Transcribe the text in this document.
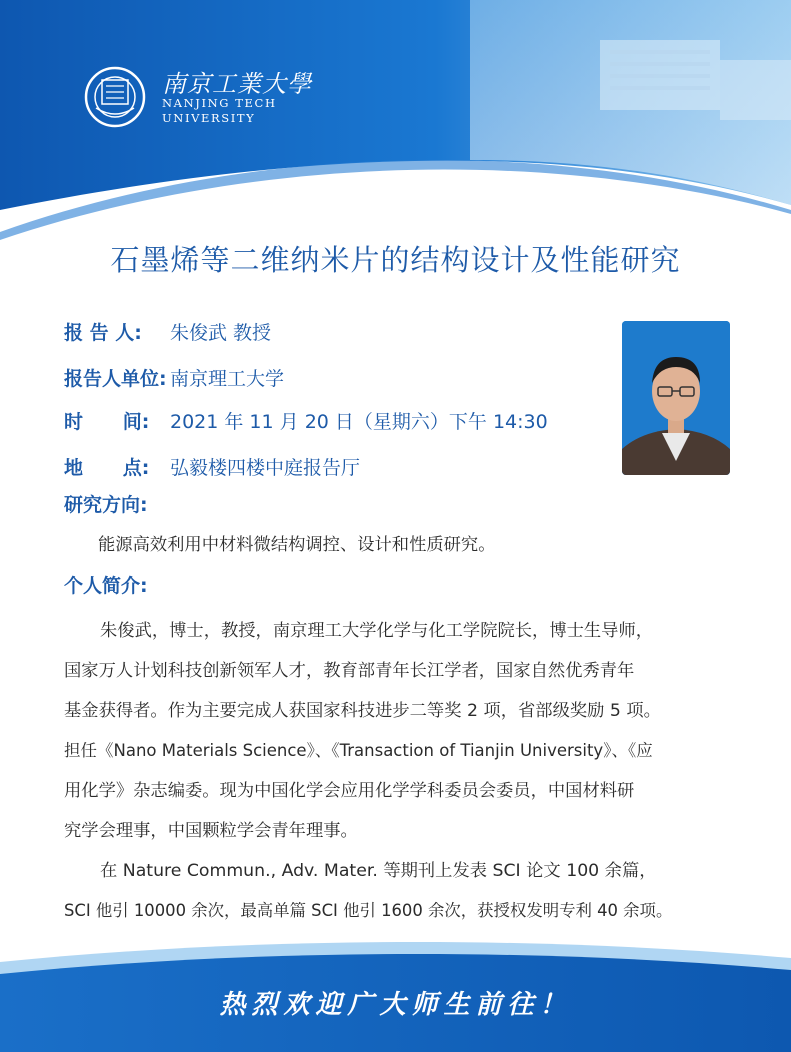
南京工業大學
NANJING TECH
UNIVERSITY
石墨烯等二维纳米片的结构设计及性能研究
报 告 人: 朱俊武 教授
报告人单位: 南京理工大学
时      间: 2021 年 11 月 20 日（星期六）下午 14:30
地      点: 弘毅楼四楼中庭报告厅
研究方向:
能源高效利用中材料微结构调控、设计和性质研究。
个人简介:
朱俊武，博士，教授，南京理工大学化学与化工学院院长，博士生导师，
国家万人计划科技创新领军人才，教育部青年长江学者，国家自然优秀青年
基金获得者。作为主要完成人获国家科技进步二等奖 2 项，省部级奖励 5 项。
担任《Nano Materials Science》、《Transaction of Tianjin University》、《应
用化学》杂志编委。现为中国化学会应用化学学科委员会委员，中国材料研
究学会理事，中国颗粒学会青年理事。
在 Nature Commun., Adv. Mater. 等期刊上发表 SCI 论文 100 余篇，
SCI 他引 10000 余次，最高单篇 SCI 他引 1600 余次，获授权发明专利 40 余项。
热烈欢迎广大师生前往！
